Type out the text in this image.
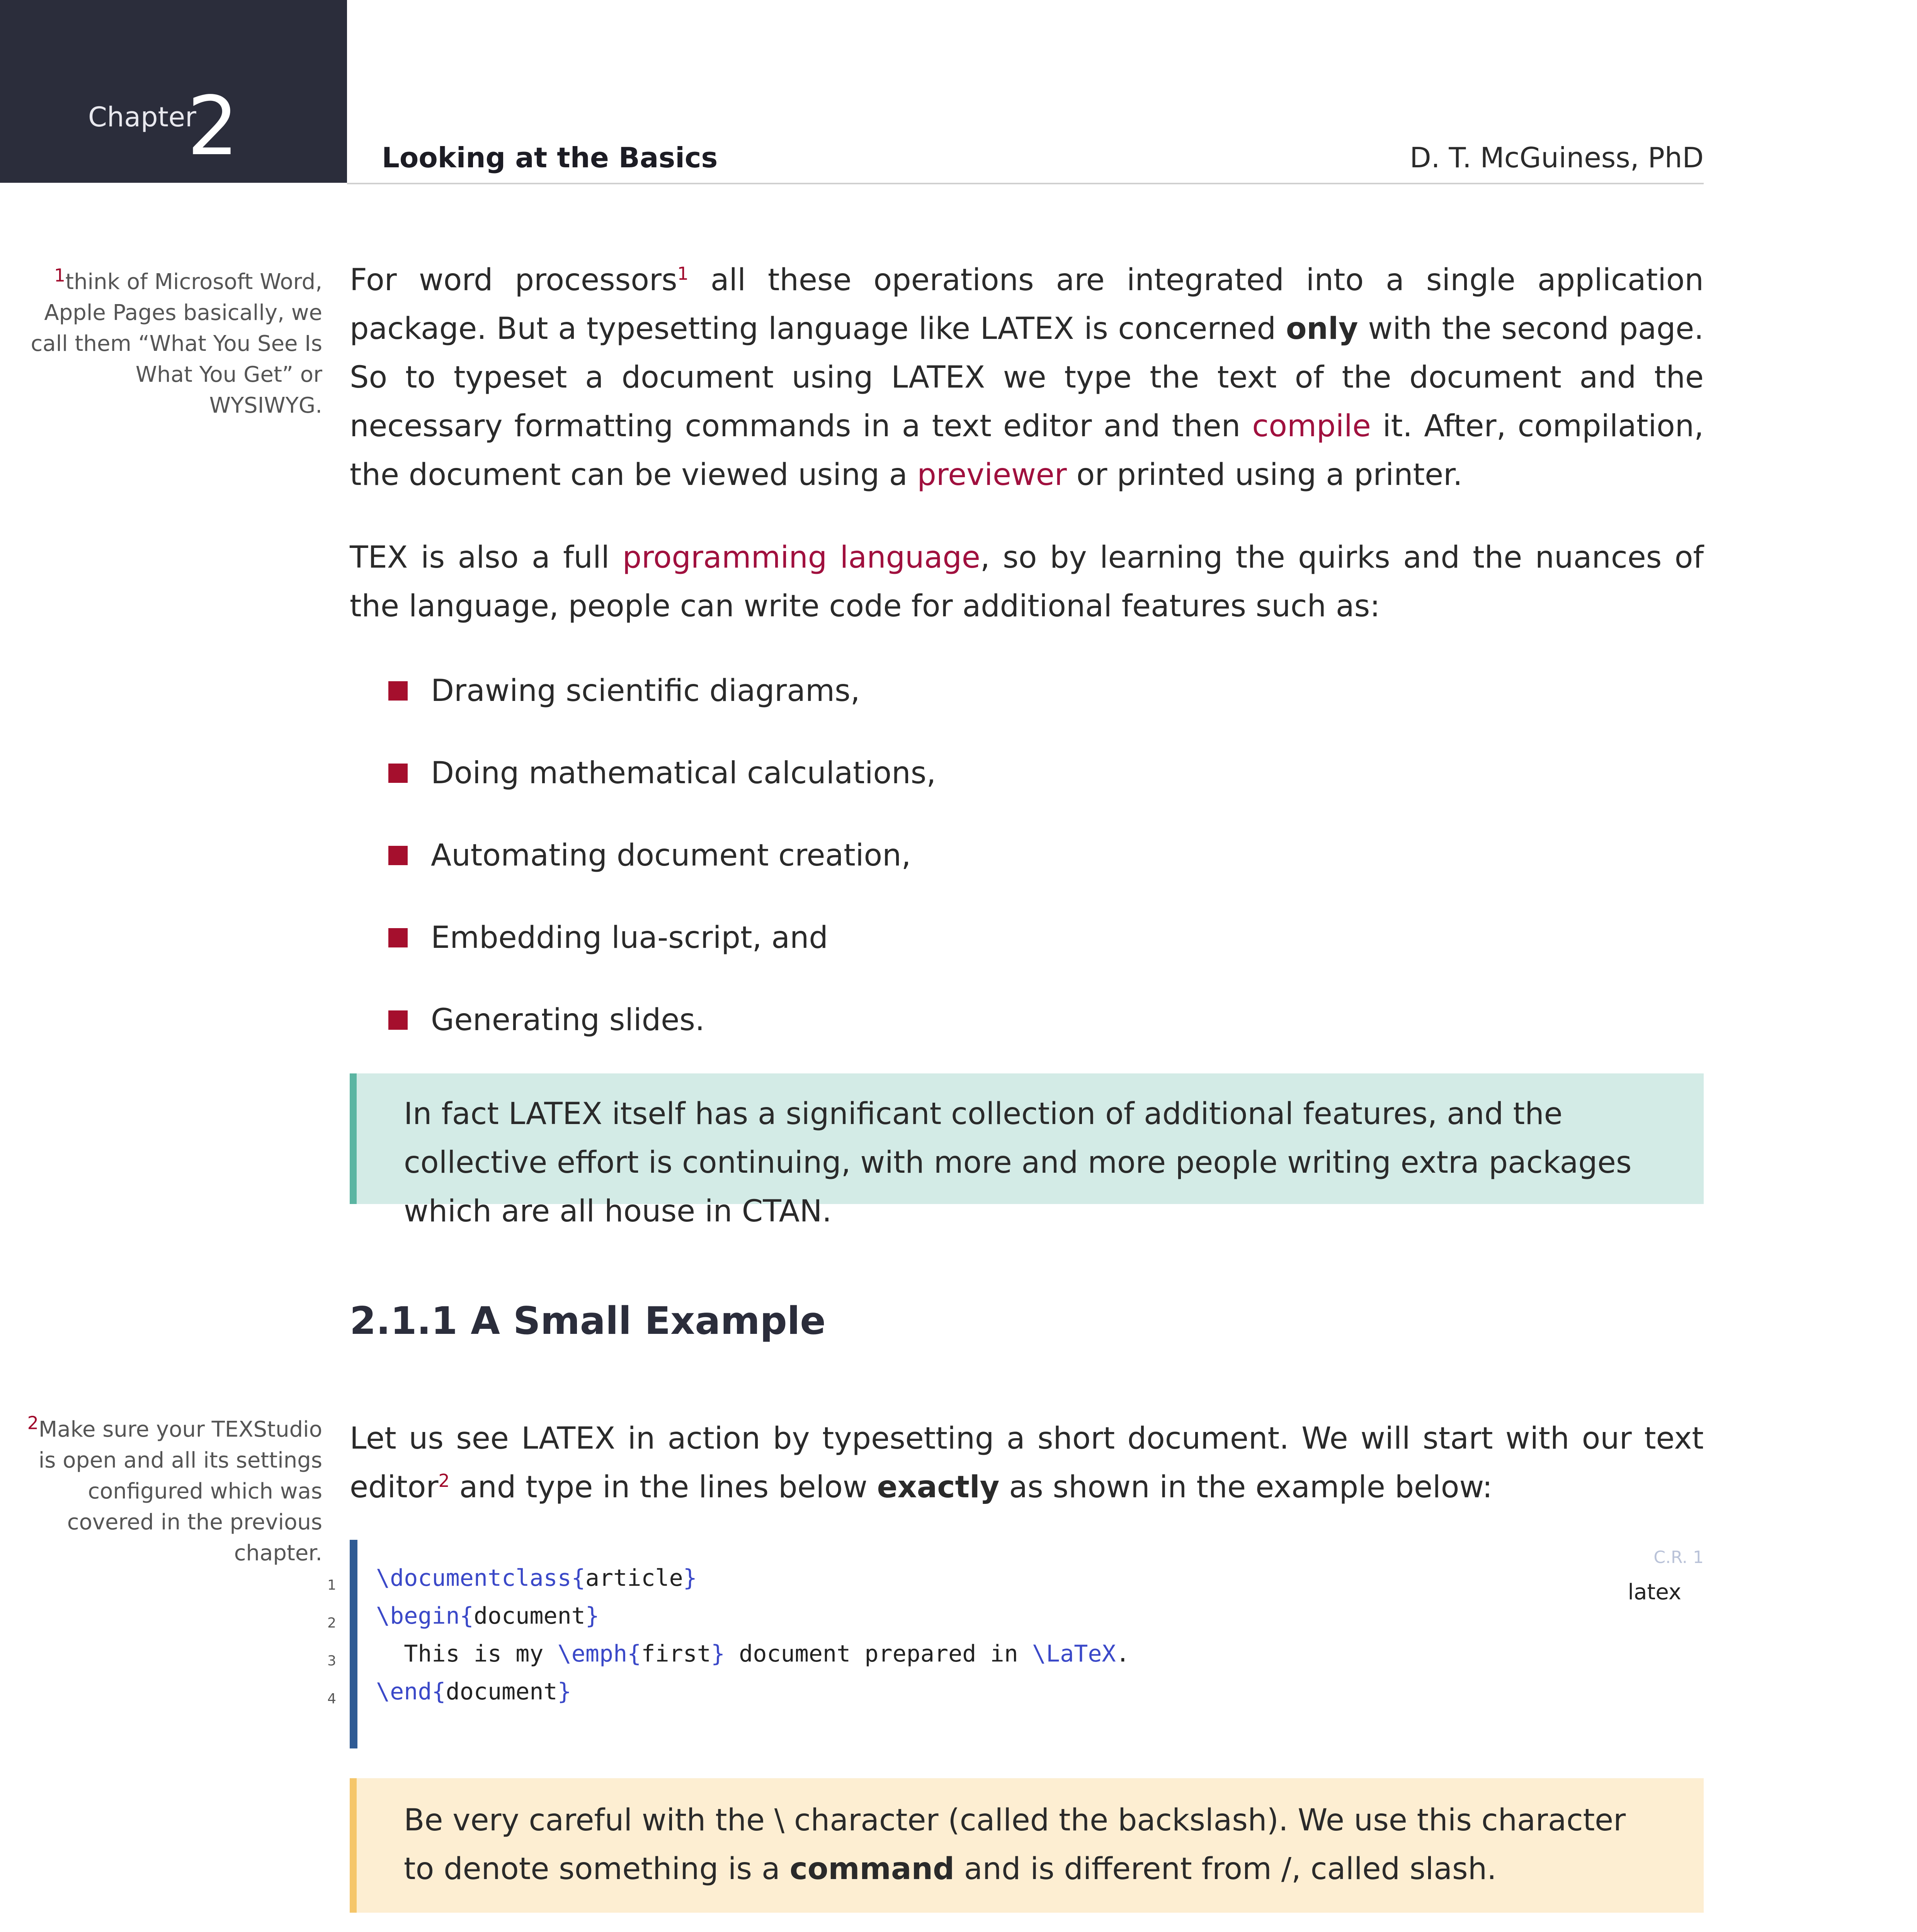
Chapter
2	Looking at the Basics	D. T. McGuiness, PhD
$^1$think of Microsoft Word, Apple Pages basically, we call them “What You See Is What You Get” or WYSIWYG.
For word processors$^1$ all these operations are integrated into a single application package. But a typesetting language like LATEX is concerned only with the second page. So to typeset a document using LATEX we type the text of the document and the necessary formatting commands in a text editor and then compile it. After, compilation, the document can be viewed using a previewer or printed using a printer.
TEX is also a full programming language, so by learning the quirks and the nuances of the language, people can write code for additional features such as:
Drawing scientific diagrams,
Doing mathematical calculations,
Automating document creation,
Embedding lua-script, and
Generating slides.
In fact LATEX itself has a significant collection of additional features, and the collective effort is continuing, with more and more people writing extra packages which are all house in CTAN.
2.1.1 A Small Example
$^2$Make sure your TEXStudio is open and all its settings configured which was covered in the previous chapter.
Let us see LATEX in action by typesetting a short document. We will start with our text editor$^2$ and type in the lines below exactly as shown in the example below:
1
2
3
4
\documentclass{article}
\begin{document}
This is my \emph{first} document prepared in \LaTeX.
\end{document}
C.R. 1
latex
Be very careful with the \ character (called the backslash). We use this character to denote something is a command and is different from /, called slash.
